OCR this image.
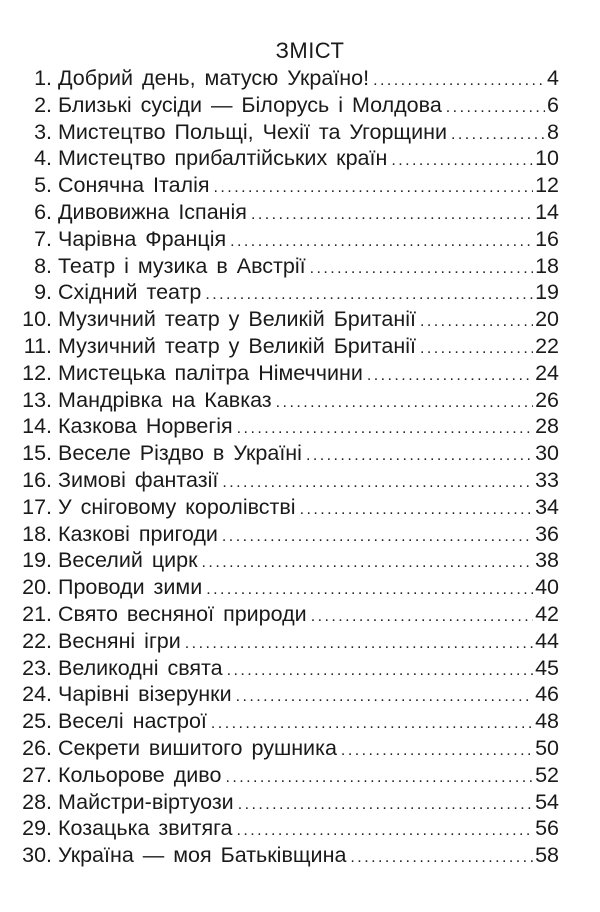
ЗМІСТ
1. Добрий день, матусю Україно! . . .	4
2. Близькі сусіди — Білорусь і Молдова . . .	6
3. Мистецтво Польщі, Чехії та Угорщини . . .	8
4. Мистецтво прибалтійських країн . . .	10
5. Сонячна Італія . . .	12
6. Дивовижна Іспанія . . .	14
7. Чарівна Франція . . .	16
8. Театр і музика в Австрії . . .	18
9. Східний театр . . .	19
10. Музичний театр у Великій Британії . . .	20
11. Музичний театр у Великій Британії . . .	22
12. Мистецька палітра Німеччини . . .	24
13. Мандрівка на Кавказ . . .	26
14. Казкова Норвегія . . .	28
15. Веселе Різдво в Україні . . .	30
16. Зимові фантазії . . .	33
17. У сніговому королівстві . . .	34
18. Казкові пригоди . . .	36
19. Веселий цирк . . .	38
20. Проводи зими . . .	40
21. Свято весняної природи . . .	42
22. Весняні ігри . . .	44
23. Великодні свята . . .	45
24. Чарівні візерунки . . .	46
25. Веселі настрої . . .	48
26. Секрети вишитого рушника . . .	50
27. Кольорове диво . . .	52
28. Майстри-віртуози . . .	54
29. Козацька звитяга . . .	56
30. Україна — моя Батьківщина . . .	58
